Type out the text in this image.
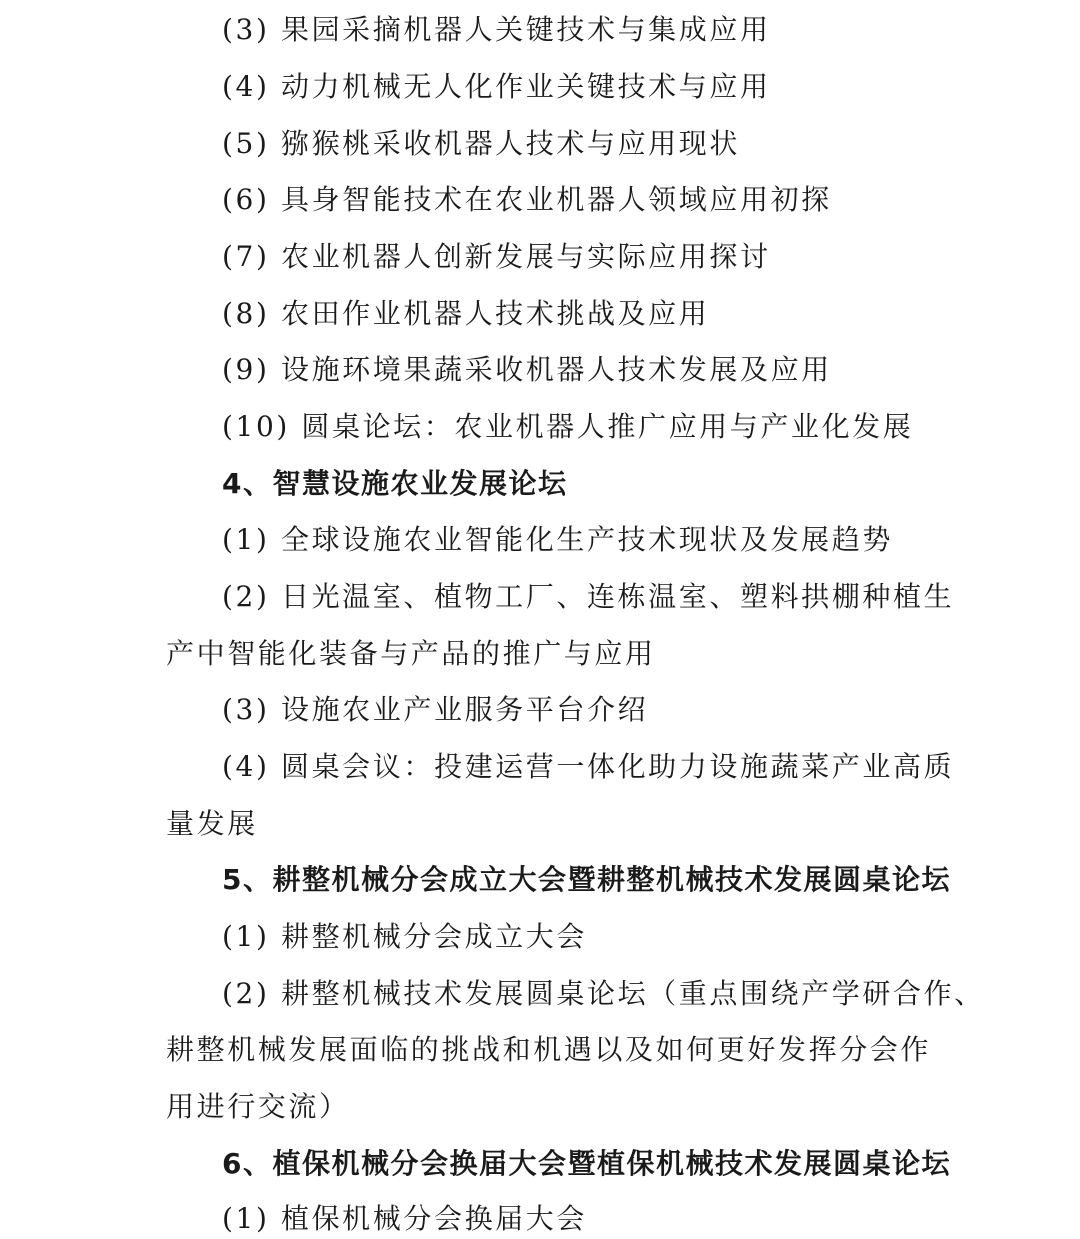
(3) 果园采摘机器人关键技术与集成应用
(4) 动力机械无人化作业关键技术与应用
(5) 猕猴桃采收机器人技术与应用现状
(6) 具身智能技术在农业机器人领域应用初探
(7) 农业机器人创新发展与实际应用探讨
(8) 农田作业机器人技术挑战及应用
(9) 设施环境果蔬采收机器人技术发展及应用
(10) 圆桌论坛：农业机器人推广应用与产业化发展
4、智慧设施农业发展论坛
(1) 全球设施农业智能化生产技术现状及发展趋势
(2) 日光温室、植物工厂、连栋温室、塑料拱棚种植生
产中智能化装备与产品的推广与应用
(3) 设施农业产业服务平台介绍
(4) 圆桌会议：投建运营一体化助力设施蔬菜产业高质
量发展
5、耕整机械分会成立大会暨耕整机械技术发展圆桌论坛
(1) 耕整机械分会成立大会
(2) 耕整机械技术发展圆桌论坛（重点围绕产学研合作、
耕整机械发展面临的挑战和机遇以及如何更好发挥分会作
用进行交流）
6、植保机械分会换届大会暨植保机械技术发展圆桌论坛
(1) 植保机械分会换届大会
